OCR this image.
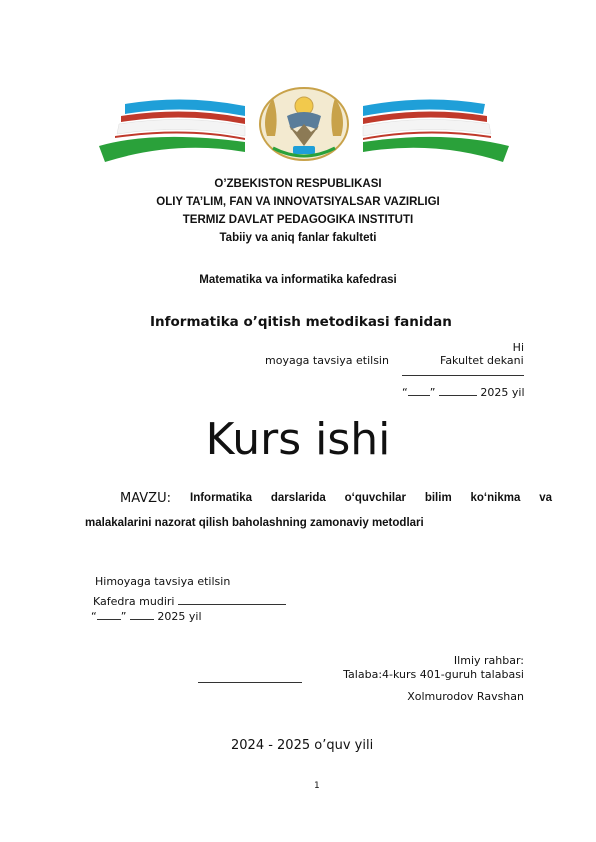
O’ZBEKISTON RESPUBLIKASI
OLIY TA’LIM, FAN VA INNOVATSIYALSAR VAZIRLIGI
TERMIZ DAVLAT PEDAGOGIKA INSTITUTI
Tabiiy va aniq fanlar fakulteti
Matematika va informatika kafedrasi
Informatika o’qitish metodikasi fanidan
Hi
moyaga tavsiya etilsin	Fakultet dekani
“ ”	2025 yil
Kurs ishi
MAVZU: Informatika darslarida o‘quvchilar bilim ko‘nikma va
malakalarini nazorat qilish baholashning zamonaviy metodlari
Himoyaga tavsiya etilsin
Kafedra mudiri
“ ”	2025 yil
Ilmiy rahbar:
Talaba:4-kurs 401-guruh talabasi
Xolmurodov Ravshan
2024 - 2025 o’quv yili
1
